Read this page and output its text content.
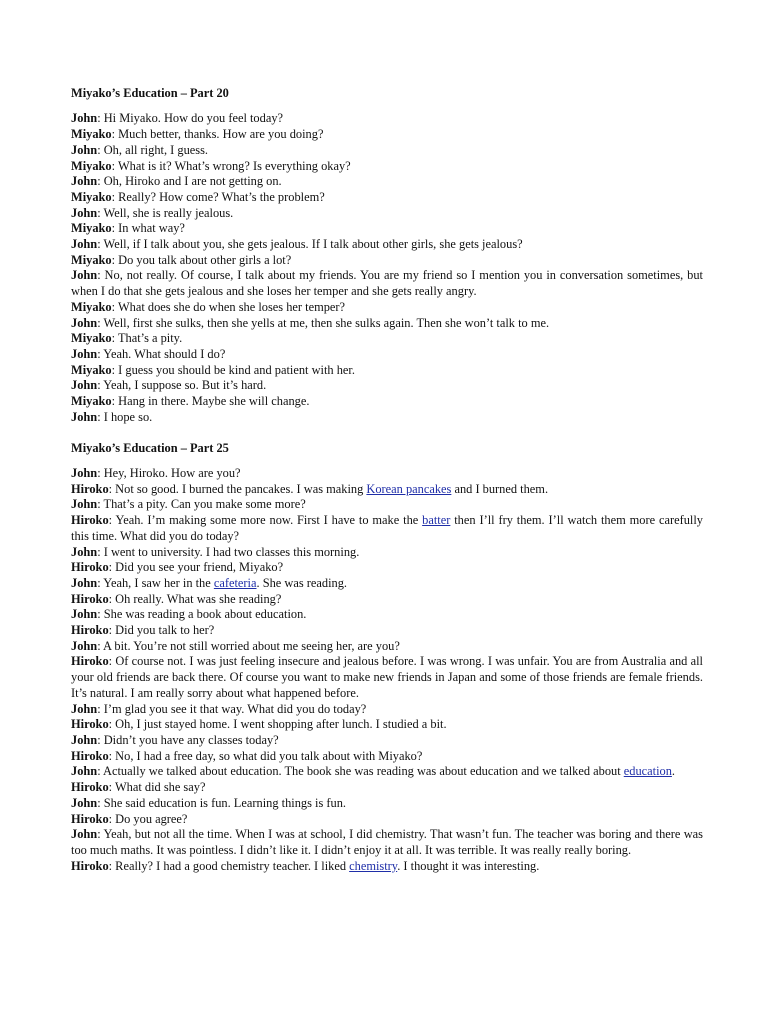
Miyako’s Education – Part 20

John: Hi Miyako. How do you feel today?

Miyako: Much better, thanks. How are you doing?

John: Oh, all right, I guess.

Miyako: What is it? What’s wrong? Is everything okay?

John: Oh, Hiroko and I are not getting on.

Miyako: Really? How come? What’s the problem?

John: Well, she is really jealous.

Miyako: In what way?

John: Well, if I talk about you, she gets jealous. If I talk about other girls, she gets jealous?

Miyako: Do you talk about other girls a lot?

John: No, not really. Of course, I talk about my friends. You are my friend so I mention you in conversation sometimes, but when I do that she gets jealous and she loses her temper and she gets really angry.

Miyako: What does she do when she loses her temper?

John: Well, first she sulks, then she yells at me, then she sulks again. Then she won’t talk to me.

Miyako: That’s a pity.

John: Yeah. What should I do?

Miyako: I guess you should be kind and patient with her.

John: Yeah, I suppose so. But it’s hard.

Miyako: Hang in there. Maybe she will change.

John: I hope so.

Miyako’s Education – Part 25

John: Hey, Hiroko. How are you?

Hiroko: Not so good. I burned the pancakes. I was making Korean pancakes and I burned them.

John: That’s a pity. Can you make some more?

Hiroko: Yeah. I’m making some more now. First I have to make the batter then I’ll fry them. I’ll watch them more carefully this time. What did you do today?

John: I went to university. I had two classes this morning.

Hiroko: Did you see your friend, Miyako?

John: Yeah, I saw her in the cafeteria. She was reading.

Hiroko: Oh really. What was she reading?

John: She was reading a book about education.

Hiroko: Did you talk to her?

John: A bit. You’re not still worried about me seeing her, are you?

Hiroko: Of course not. I was just feeling insecure and jealous before. I was wrong. I was unfair. You are from Australia and all your old friends are back there. Of course you want to make new friends in Japan and some of those friends are female friends. It’s natural. I am really sorry about what happened before.

John: I’m glad you see it that way. What did you do today?

Hiroko: Oh, I just stayed home. I went shopping after lunch. I studied a bit.

John: Didn’t you have any classes today?

Hiroko: No, I had a free day, so what did you talk about with Miyako?

John: Actually we talked about education. The book she was reading was about education and we talked about education.

Hiroko: What did she say?

John: She said education is fun. Learning things is fun.

Hiroko: Do you agree?

John: Yeah, but not all the time. When I was at school, I did chemistry. That wasn’t fun. The teacher was boring and there was too much maths. It was pointless. I didn’t like it. I didn’t enjoy it at all. It was terrible. It was really really boring.

Hiroko: Really? I had a good chemistry teacher. I liked chemistry. I thought it was interesting.
